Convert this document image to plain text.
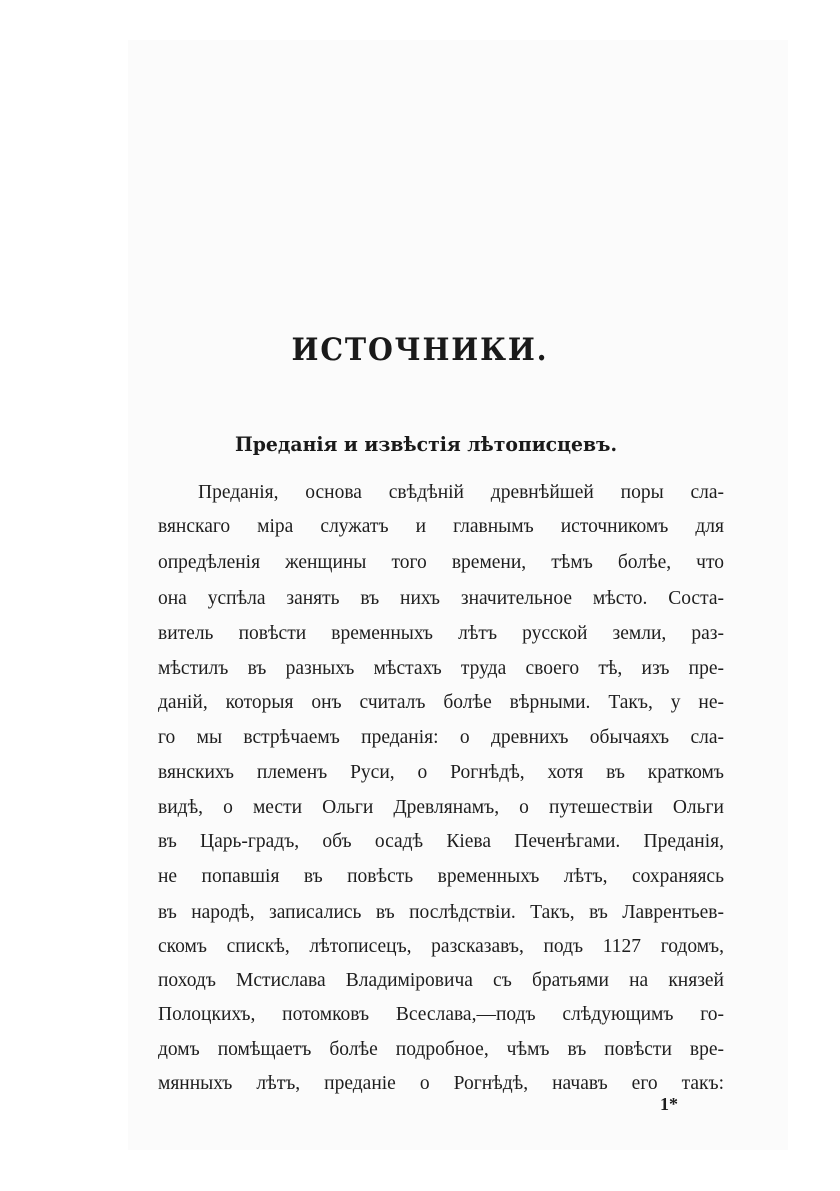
ИСТОЧНИКИ.
Преданія и извѣстія лѣтописцевъ.

Преданія, основа свѣдѣній древнѣйшей поры сла-

вянскаго міра служатъ и главнымъ источникомъ для

опредѣленія женщины того времени, тѣмъ болѣе, что

она успѣла занять въ нихъ значительное мѣсто. Соста-

витель повѣсти временныхъ лѣтъ русской земли, раз-

мѣстилъ въ разныхъ мѣстахъ труда своего тѣ, изъ пре-

даній, которыя онъ считалъ болѣе вѣрными. Такъ, у не-

го мы встрѣчаемъ преданія: о древнихъ обычаяхъ сла-

вянскихъ племенъ Руси, о Рогнѣдѣ, хотя въ краткомъ

видѣ, о мести Ольги Древлянамъ, о путешествіи Ольги

въ Царь-градъ, объ осадѣ Кіева Печенѣгами. Преданія,

не попавшія въ повѣсть временныхъ лѣтъ, сохраняясь

въ народѣ, записались въ послѣдствіи. Такъ, въ Лаврентьев-

скомъ спискѣ, лѣтописецъ, разсказавъ, подъ 1127 годомъ,

походъ Мстислава Владиміровича съ братьями на князей

Полоцкихъ, потомковъ Всеслава,—подъ слѣдующимъ го-

домъ помѣщаетъ болѣе подробное, чѣмъ въ повѣсти вре-

мянныхъ лѣтъ, преданіе о Рогнѣдѣ, начавъ его такъ:

1*
